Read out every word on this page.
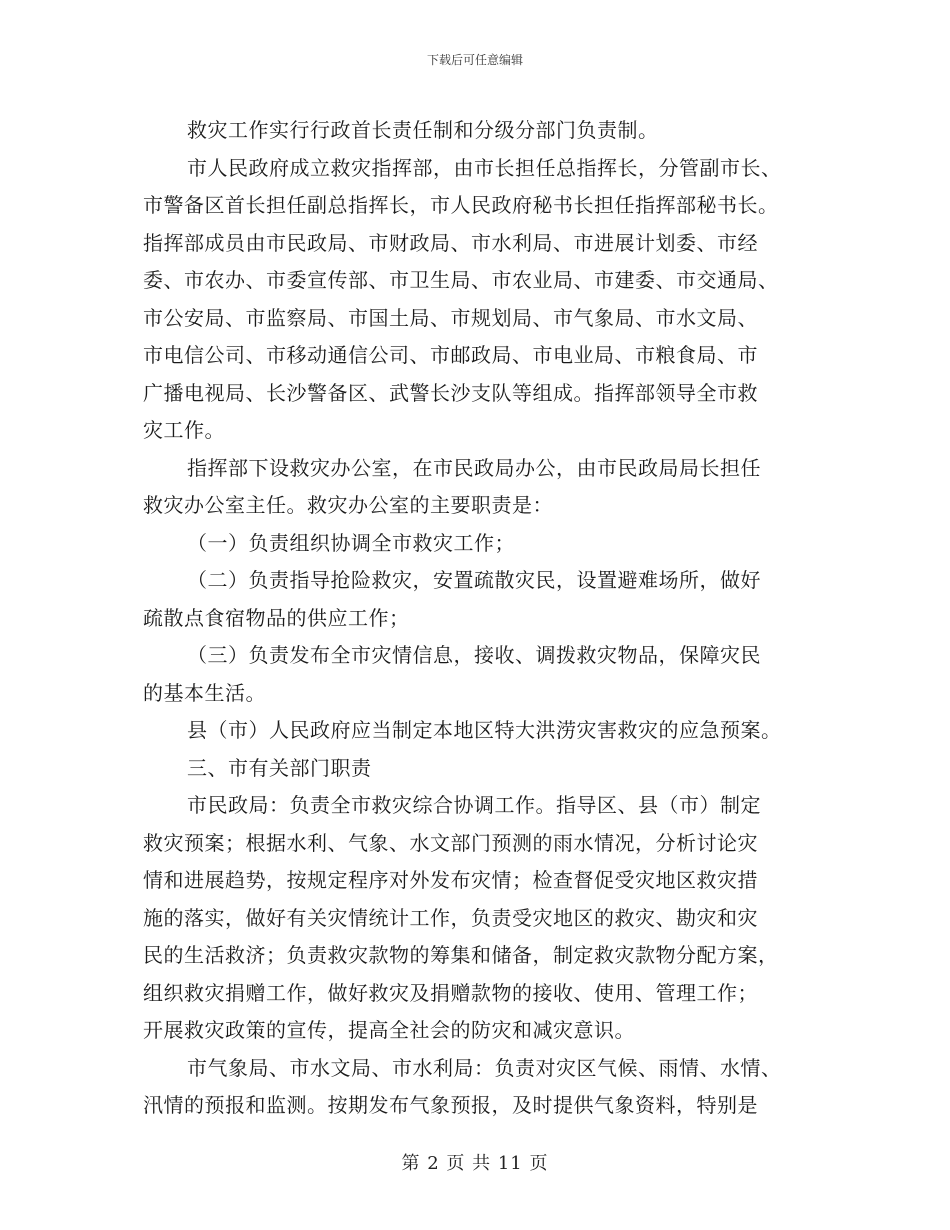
下载后可任意编辑
救灾工作实行行政首长责任制和分级分部门负责制。
市人民政府成立救灾指挥部，由市长担任总指挥长，分管副市长、
市警备区首长担任副总指挥长，市人民政府秘书长担任指挥部秘书长。
指挥部成员由市民政局、市财政局、市水利局、市进展计划委、市经
委、市农办、市委宣传部、市卫生局、市农业局、市建委、市交通局、
市公安局、市监察局、市国土局、市规划局、市气象局、市水文局、
市电信公司、市移动通信公司、市邮政局、市电业局、市粮食局、市
广播电视局、长沙警备区、武警长沙支队等组成。指挥部领导全市救
灾工作。
指挥部下设救灾办公室，在市民政局办公，由市民政局局长担任
救灾办公室主任。救灾办公室的主要职责是：
（一）负责组织协调全市救灾工作；
（二）负责指导抢险救灾，安置疏散灾民，设置避难场所，做好
疏散点食宿物品的供应工作；
（三）负责发布全市灾情信息，接收、调拨救灾物品，保障灾民
的基本生活。
县（市）人民政府应当制定本地区特大洪涝灾害救灾的应急预案。
三、市有关部门职责
市民政局：负责全市救灾综合协调工作。指导区、县（市）制定
救灾预案；根据水利、气象、水文部门预测的雨水情况，分析讨论灾
情和进展趋势，按规定程序对外发布灾情；检查督促受灾地区救灾措
施的落实，做好有关灾情统计工作，负责受灾地区的救灾、勘灾和灾
民的生活救济；负责救灾款物的筹集和储备，制定救灾款物分配方案，
组织救灾捐赠工作，做好救灾及捐赠款物的接收、使用、管理工作；
开展救灾政策的宣传，提高全社会的防灾和减灾意识。
市气象局、市水文局、市水利局：负责对灾区气候、雨情、水情、
汛情的预报和监测。按期发布气象预报，及时提供气象资料，特别是
第 2 页 共 11 页
